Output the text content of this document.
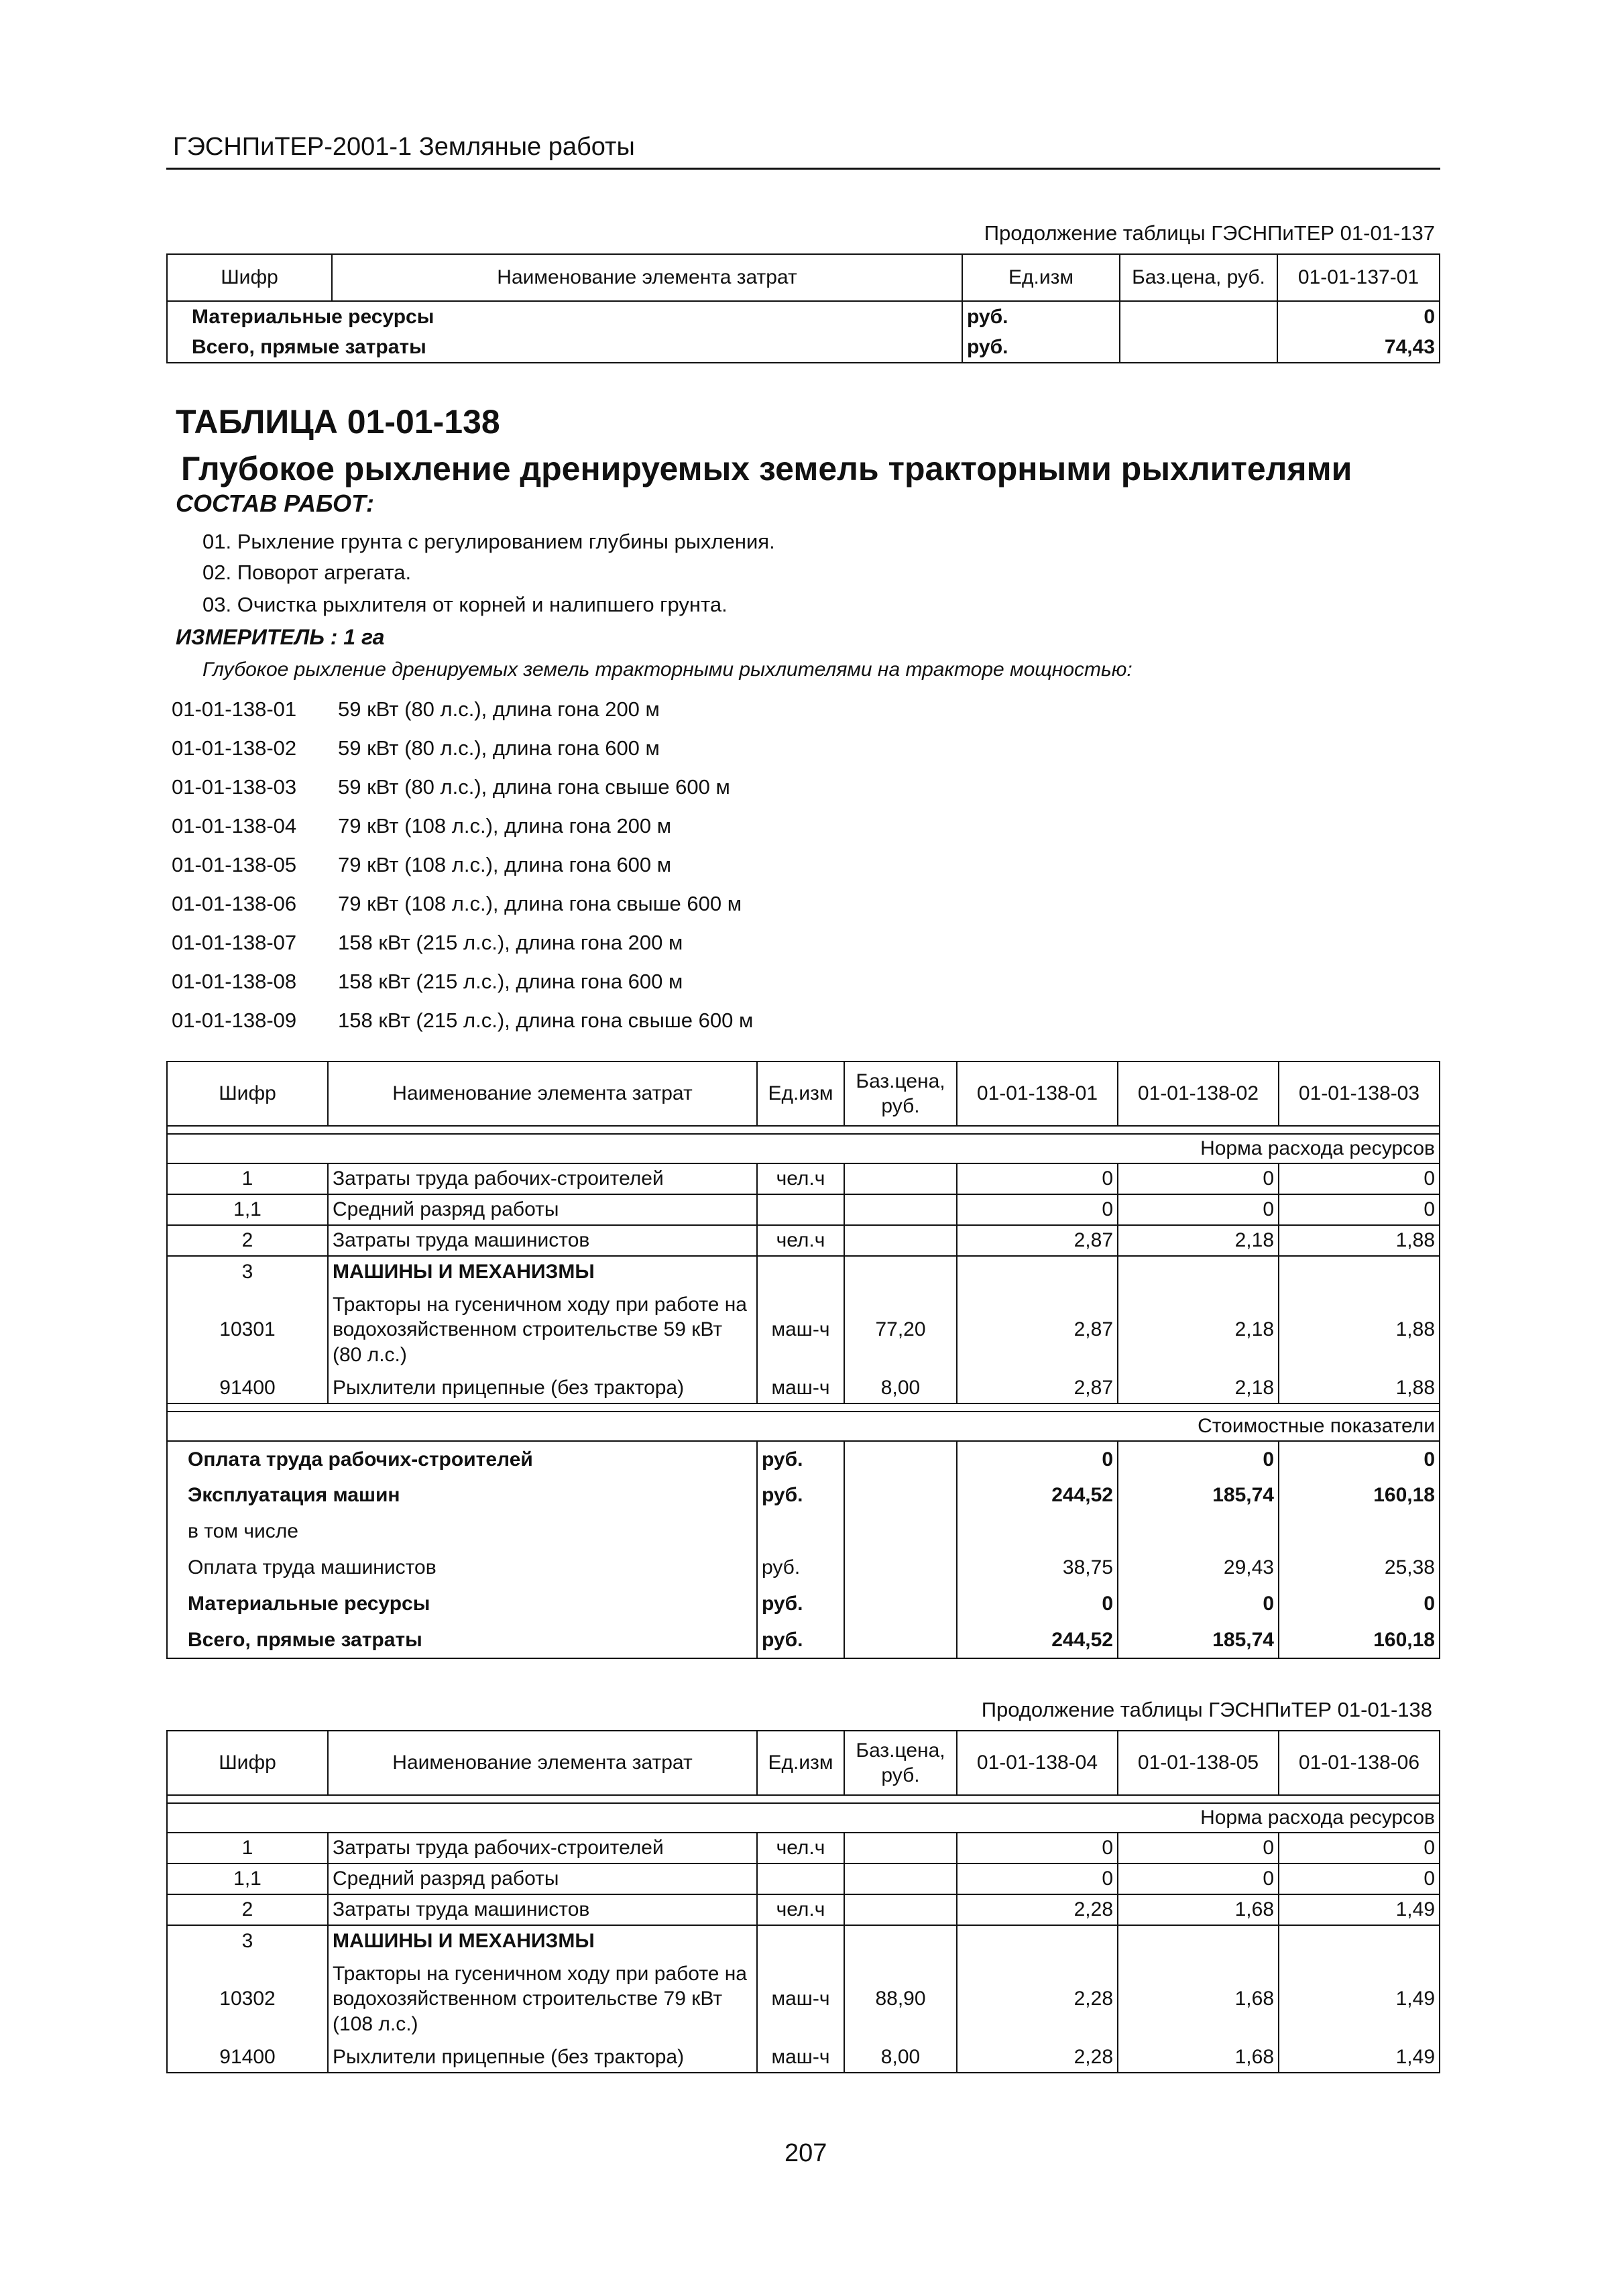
ГЭСНПиТЕР-2001-1 Земляные работы
Продолжение таблицы ГЭСНПиТЕР 01-01-137
Шифр	Наименование элемента затрат	Ед.изм	Баз.цена, руб.	01-01-137-01
Материальные ресурсы		руб.		0
Всего, прямые затраты		руб.		74,43
ТАБЛИЦА 01-01-138
Глубокое рыхление дренируемых земель тракторными рыхлителями
СОСТАВ РАБОТ:
01. Рыхление грунта с регулированием глубины рыхления.
02. Поворот агрегата.
03. Очистка рыхлителя от корней и налипшего грунта.
ИЗМЕРИТЕЛЬ : 1 га
Глубокое рыхление дренируемых земель тракторными рыхлителями на тракторе мощностью:
01-01-138-01 59 кВт (80 л.с.), длина гона 200 м
01-01-138-02 59 кВт (80 л.с.), длина гона 600 м
01-01-138-03 59 кВт (80 л.с.), длина гона свыше 600 м
01-01-138-04 79 кВт (108 л.с.), длина гона 200 м
01-01-138-05 79 кВт (108 л.с.), длина гона 600 м
01-01-138-06 79 кВт (108 л.с.), длина гона свыше 600 м
01-01-138-07 158 кВт (215 л.с.), длина гона 200 м
01-01-138-08 158 кВт (215 л.с.), длина гона 600 м
01-01-138-09 158 кВт (215 л.с.), длина гона свыше 600 м
Шифр	Наименование элемента затрат	Ед.изм	Баз.цена, руб.	01-01-138-01	01-01-138-02	01-01-138-03

Норма расхода ресурсов						
1	Затраты труда рабочих-строителей	чел.ч		0	0	0
1,1	Средний разряд работы			0	0	0
2	Затраты труда машинистов	чел.ч		2,87	2,18	1,88
3	МАШИНЫ И МЕХАНИЗМЫ					
10301	Тракторы на гусеничном ходу при работе на водохозяйственном строительстве 59 кВт (80 л.с.)	маш-ч	77,20	2,87	2,18	1,88
91400	Рыхлители прицепные (без трактора)	маш-ч	8,00	2,87	2,18	1,88

Стоимостные показатели						
Оплата труда рабочих-строителей		руб.		0	0	0
Эксплуатация машин		руб.		244,52	185,74	160,18
в том числе						
Оплата труда машинистов		руб.		38,75	29,43	25,38
Материальные ресурсы		руб.		0	0	0
Всего, прямые затраты		руб.		244,52	185,74	160,18
Продолжение таблицы ГЭСНПиТЕР 01-01-138
Шифр	Наименование элемента затрат	Ед.изм	Баз.цена, руб.	01-01-138-04	01-01-138-05	01-01-138-06

Норма расхода ресурсов						
1	Затраты труда рабочих-строителей	чел.ч		0	0	0
1,1	Средний разряд работы			0	0	0
2	Затраты труда машинистов	чел.ч		2,28	1,68	1,49
3	МАШИНЫ И МЕХАНИЗМЫ					
10302	Тракторы на гусеничном ходу при работе на водохозяйственном строительстве 79 кВт (108 л.с.)	маш-ч	88,90	2,28	1,68	1,49
91400	Рыхлители прицепные (без трактора)	маш-ч	8,00	2,28	1,68	1,49
207
